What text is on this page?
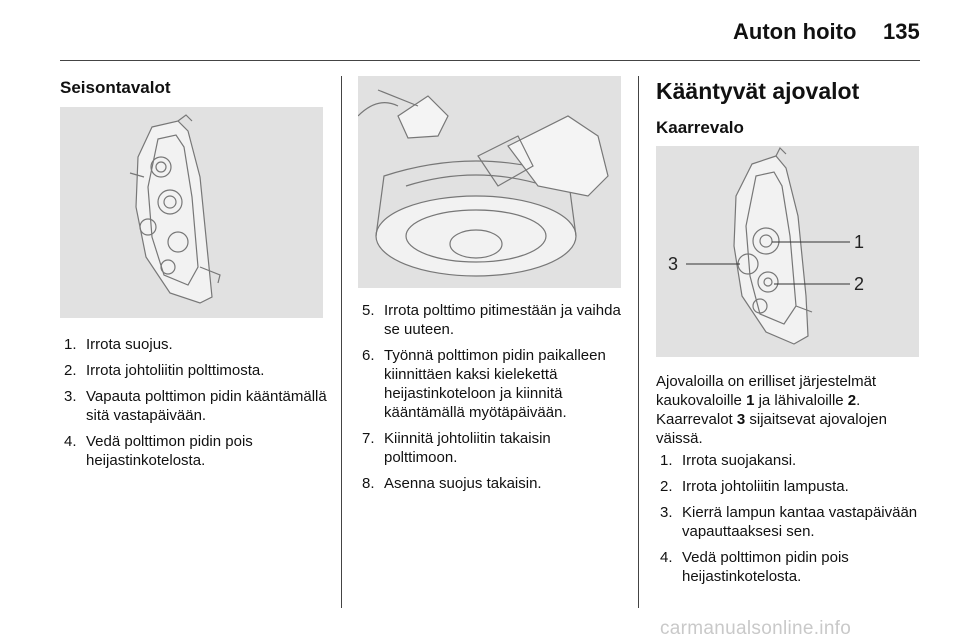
Auton hoito 135
Seisontavalot
1. Irrota suojus.
2. Irrota johtoliitin polttimosta.
3. Vapauta polttimon pidin kääntämällä sitä vastapäivään.
4. Vedä polttimon pidin pois heijastinkotelosta.
5. Irrota polttimo pitimestään ja vaihda se uuteen.
6. Työnnä polttimon pidin paikalleen kiinnittäen kaksi kielekettä heijastinkoteloon ja kiinnitä kääntämällä myötäpäivään.
7. Kiinnitä johtoliitin takaisin polttimoon.
8. Asenna suojus takaisin.
Kääntyvät ajovalot
Kaarrevalo
1
2
3
Ajovaloilla on erilliset järjestelmät kaukovaloille 1 ja lähivaloille 2. Kaarrevalot 3 sijaitsevat ajovalojen väissä.
1. Irrota suojakansi.
2. Irrota johtoliitin lampusta.
3. Kierrä lampun kantaa vastapäivään vapauttaaksesi sen.
4. Vedä polttimon pidin pois heijastinkotelosta.
carmanualsonline.info
